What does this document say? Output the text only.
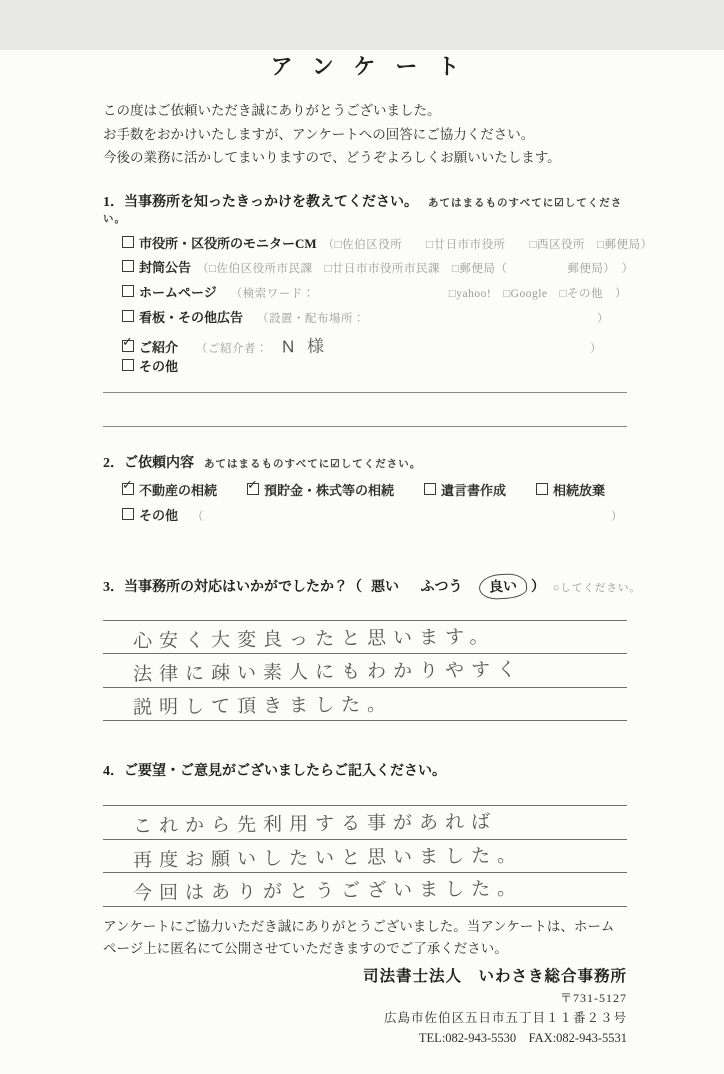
アンケート
この度はご依頼いただき誠にありがとうございました。
お手数をおかけいたしますが、アンケートへの回答にご協力ください。
今後の業務に活かしてまいりますので、どうぞよろしくお願いいたします。
1．当事務所を知ったきっかけを教えてください。 あてはまるものすべてに☑してください。
市役所・区役所のモニターCM （□佐伯区役所　　□廿日市市役所　　□西区役所　□郵便局）
封筒公告 （□佐伯区役所市民課　□廿日市市役所市民課　□郵便局（　　　　　郵便局）　）
ホームページ （検索ワード：	□yahoo!　□Google　□その他　）
看板・その他広告 （設置・配布場所：	）
✓
ご紹介 （ご紹介者： N 様	）
その他
2．ご依頼内容 あてはまるものすべてに☑してください。
✓
不動産の相続 ✓	預貯金・株式等の相続	遺言書作成	相続放棄
その他 （	）
3．当事務所の対応はいかがでしたか？（ 悪い ふつう 良い ） ○してください。
心安く大変良ったと思います。
法律に疎い素人にもわかりやすく
説明して頂きました。
4．ご要望・ご意見がございましたらご記入ください。
これから先利用する事があれば
再度お願いしたいと思いました。
今回はありがとうございました。
アンケートにご協力いただき誠にありがとうございました。当アンケートは、ホーム
ページ上に匿名にて公開させていただきますのでご了承ください。
司法書士法人　いわさき総合事務所
〒731-5127
広島市佐伯区五日市五丁目１１番２３号
TEL:082-943-5530　FAX:082-943-5531
